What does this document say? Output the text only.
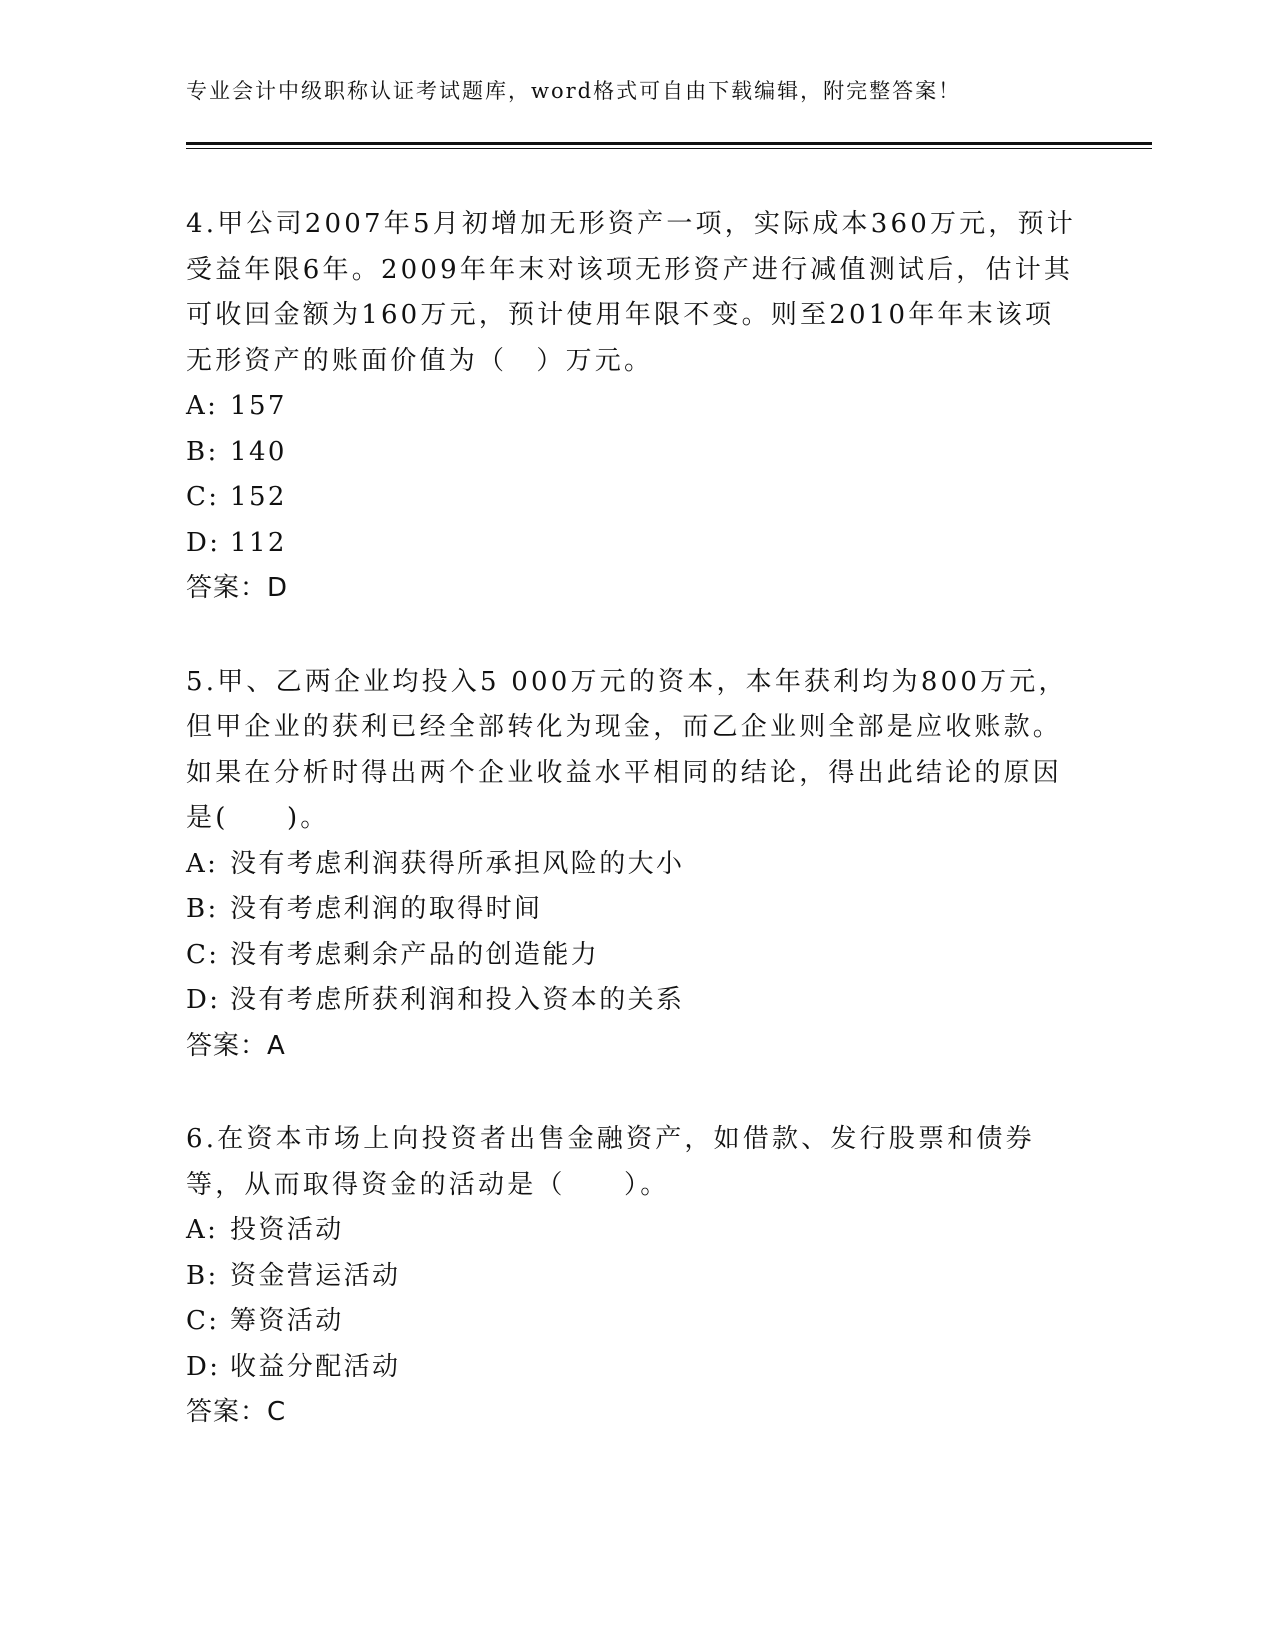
专业会计中级职称认证考试题库，word格式可自由下载编辑，附完整答案！

4.甲公司2007年5月初增加无形资产一项，实际成本360万元，预计受益年限6年。2009年年末对该项无形资产进行减值测试后，估计其可收回金额为160万元，预计使用年限不变。则至2010年年末该项无形资产的账面价值为（　）万元。

A: 157
B: 140
C: 152
D: 112
答案：D

5.甲、乙两企业均投入5 000万元的资本，本年获利均为800万元，但甲企业的获利已经全部转化为现金，而乙企业则全部是应收账款。如果在分析时得出两个企业收益水平相同的结论，得出此结论的原因是(　　)。

A: 没有考虑利润获得所承担风险的大小
B: 没有考虑利润的取得时间
C: 没有考虑剩余产品的创造能力
D: 没有考虑所获利润和投入资本的关系
答案：A

6.在资本市场上向投资者出售金融资产，如借款、发行股票和债券等，从而取得资金的活动是（　　）。

A: 投资活动
B: 资金营运活动
C: 筹资活动
D: 收益分配活动
答案：C
